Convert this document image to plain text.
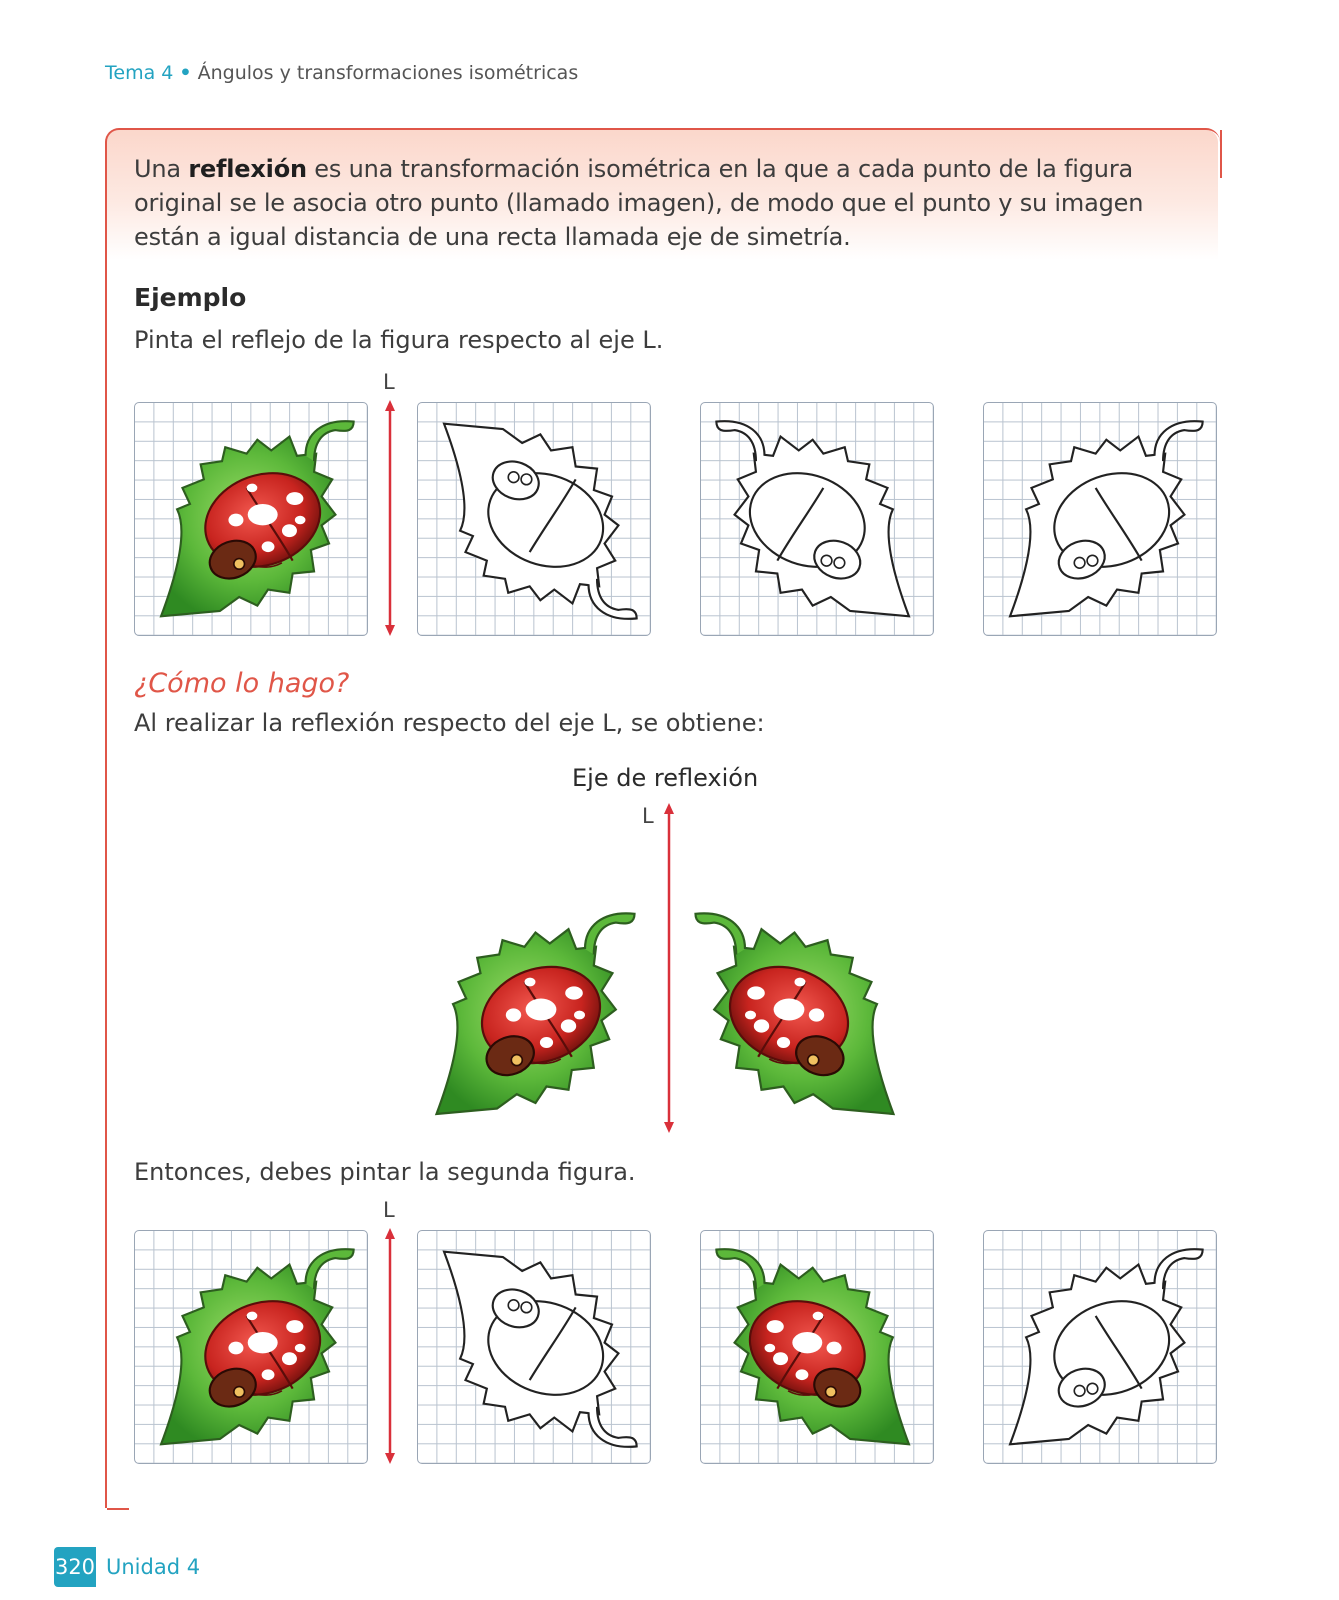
Tema 4 • Ángulos y transformaciones isométricas
Una reflexión es una transformación isométrica en la que a cada punto de la figura original se le asocia otro punto (llamado imagen), de modo que el punto y su imagen están a igual distancia de una recta llamada eje de simetría.
Ejemplo
Pinta el reflejo de la figura respecto al eje L.
L
¿Cómo lo hago?
Al realizar la reflexión respecto del eje L, se obtiene:
Eje de reflexión
L
Entonces, debes pintar la segunda figura.
L
320 Unidad 4
